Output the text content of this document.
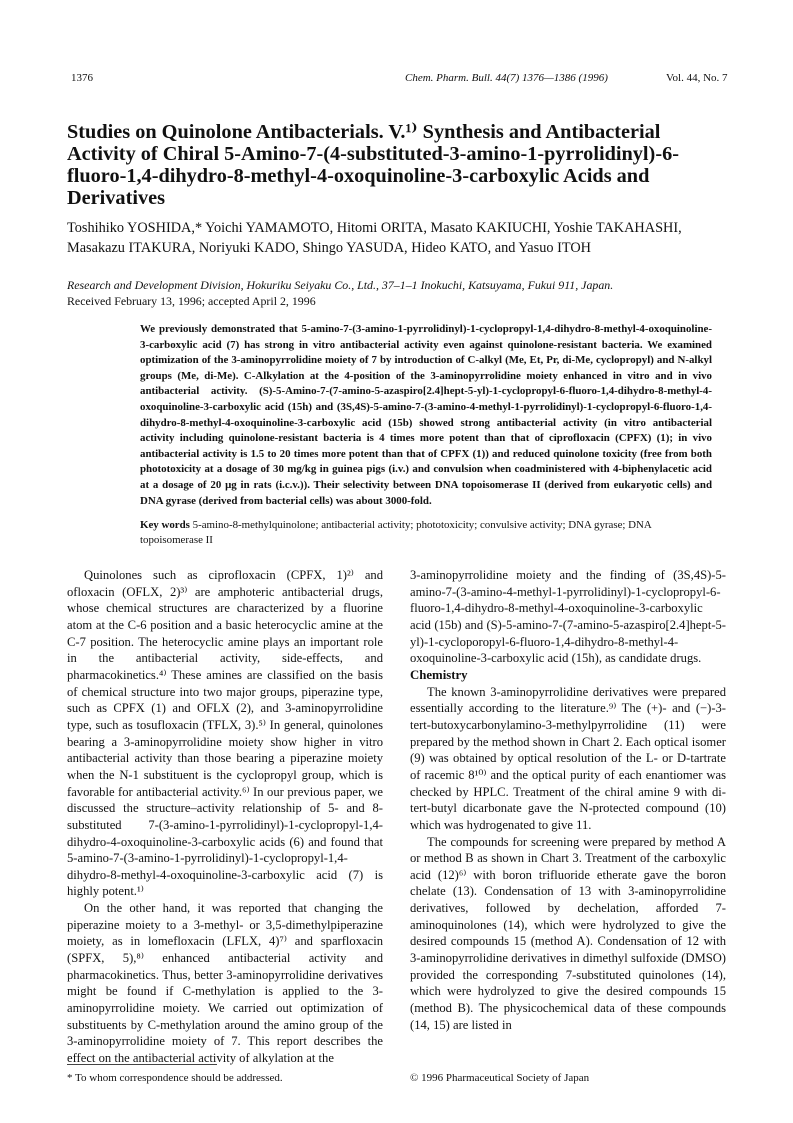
1376	Chem. Pharm. Bull. 44(7) 1376—1386 (1996)	Vol. 44, No. 7
Studies on Quinolone Antibacterials. V.¹⁾ Synthesis and Antibacterial Activity of Chiral 5-Amino-7-(4-substituted-3-amino-1-pyrrolidinyl)-6-fluoro-1,4-dihydro-8-methyl-4-oxoquinoline-3-carboxylic Acids and Derivatives
Toshihiko YOSHIDA,* Yoichi YAMAMOTO, Hitomi ORITA, Masato KAKIUCHI, Yoshie TAKAHASHI, Masakazu ITAKURA, Noriyuki KADO, Shingo YASUDA, Hideo KATO, and Yasuo ITOH
Research and Development Division, Hokuriku Seiyaku Co., Ltd., 37–1–1 Inokuchi, Katsuyama, Fukui 911, Japan.
Received February 13, 1996; accepted April 2, 1996
We previously demonstrated that 5-amino-7-(3-amino-1-pyrrolidinyl)-1-cyclopropyl-1,4-dihydro-8-methyl-4-oxoquinoline-3-carboxylic acid (7) has strong in vitro antibacterial activity even against quinolone-resistant bacteria. We examined optimization of the 3-aminopyrrolidine moiety of 7 by introduction of C-alkyl (Me, Et, Pr, di-Me, cyclopropyl) and N-alkyl groups (Me, di-Me). C-Alkylation at the 4-position of the 3-aminopyrrolidine moiety enhanced in vitro and in vivo antibacterial activity. (S)-5-Amino-7-(7-amino-5-azaspiro[2.4]hept-5-yl)-1-cyclopropyl-6-fluoro-1,4-dihydro-8-methyl-4-oxoquinoline-3-carboxylic acid (15h) and (3S,4S)-5-amino-7-(3-amino-4-methyl-1-pyrrolidinyl)-1-cyclopropyl-6-fluoro-1,4-dihydro-8-methyl-4-oxoquinoline-3-carboxylic acid (15b) showed strong antibacterial activity (in vitro antibacterial activity including quinolone-resistant bacteria is 4 times more potent than that of ciprofloxacin (CPFX) (1); in vivo antibacterial activity is 1.5 to 20 times more potent than that of CPFX (1)) and reduced quinolone toxicity (free from both phototoxicity at a dosage of 30 mg/kg in guinea pigs (i.v.) and convulsion when coadministered with 4-biphenylacetic acid at a dosage of 20 μg in rats (i.c.v.)). Their selectivity between DNA topoisomerase II (derived from eukaryotic cells) and DNA gyrase (derived from bacterial cells) was about 3000-fold.
Key words 5-amino-8-methylquinolone; antibacterial activity; phototoxicity; convulsive activity; DNA gyrase; DNA topoisomerase II

Quinolones such as ciprofloxacin (CPFX, 1)²⁾ and ofloxacin (OFLX, 2)³⁾ are amphoteric antibacterial drugs, whose chemical structures are characterized by a fluorine atom at the C-6 position and a basic heterocyclic amine at the C-7 position. The heterocyclic amine plays an important role in the antibacterial activity, side-effects, and pharmacokinetics.⁴⁾ These amines are classified on the basis of chemical structure into two major groups, piperazine type, such as CPFX (1) and OFLX (2), and 3-aminopyrrolidine type, such as tosufloxacin (TFLX, 3).⁵⁾ In general, quinolones bearing a 3-aminopyrrolidine moiety show higher in vitro antibacterial activity than those bearing a piperazine moiety when the N-1 substituent is the cyclopropyl group, which is favorable for antibacterial activity.⁶⁾ In our previous paper, we discussed the structure–activity relationship of 5- and 8-substituted 7-(3-amino-1-pyrrolidinyl)-1-cyclopropyl-1,4-dihydro-4-oxoquinoline-3-carboxylic acids (6) and found that 5-amino-7-(3-amino-1-pyrrolidinyl)-1-cyclopropyl-1,4-dihydro-8-methyl-4-oxoquinoline-3-carboxylic acid (7) is highly potent.¹⁾

On the other hand, it was reported that changing the piperazine moiety to a 3-methyl- or 3,5-dimethylpiperazine moiety, as in lomefloxacin (LFLX, 4)⁷⁾ and sparfloxacin (SPFX, 5),⁸⁾ enhanced antibacterial activity and pharmacokinetics. Thus, better 3-aminopyrrolidine derivatives might be found if C-methylation is applied to the 3-aminopyrrolidine moiety. We carried out optimization of substituents by C-methylation around the amino group of the 3-aminopyrrolidine moiety of 7. This report describes the effect on the antibacterial activity of alkylation at the

3-aminopyrrolidine moiety and the finding of (3S,4S)-5-amino-7-(3-amino-4-methyl-1-pyrrolidinyl)-1-cyclopropyl-6-fluoro-1,4-dihydro-8-methyl-4-oxoquinoline-3-carboxylic acid (15b) and (S)-5-amino-7-(7-amino-5-azaspiro[2.4]hept-5-yl)-1-cycloporopyl-6-fluoro-1,4-dihydro-8-methyl-4-oxoquinoline-3-carboxylic acid (15h), as candidate drugs.

Chemistry

The known 3-aminopyrrolidine derivatives were prepared essentially according to the literature.⁹⁾ The (+)- and (−)-3-tert-butoxycarbonylamino-3-methylpyrrolidine (11) were prepared by the method shown in Chart 2. Each optical isomer (9) was obtained by optical resolution of the L- or D-tartrate of racemic 8¹⁰⁾ and the optical purity of each enantiomer was checked by HPLC. Treatment of the chiral amine 9 with di-tert-butyl dicarbonate gave the N-protected compound (10) which was hydrogenated to give 11.

The compounds for screening were prepared by method A or method B as shown in Chart 3. Treatment of the carboxylic acid (12)⁶⁾ with boron trifluoride etherate gave the boron chelate (13). Condensation of 13 with 3-aminopyrrolidine derivatives, followed by dechelation, afforded 7-aminoquinolones (14), which were hydrolyzed to give the desired compounds 15 (method A). Condensation of 12 with 3-aminopyrrolidine derivatives in dimethyl sulfoxide (DMSO) provided the corresponding 7-substituted quinolones (14), which were hydrolyzed to give the desired compounds 15 (method B). The physicochemical data of these compounds (14, 15) are listed in

* To whom correspondence should be addressed.	© 1996 Pharmaceutical Society of Japan
